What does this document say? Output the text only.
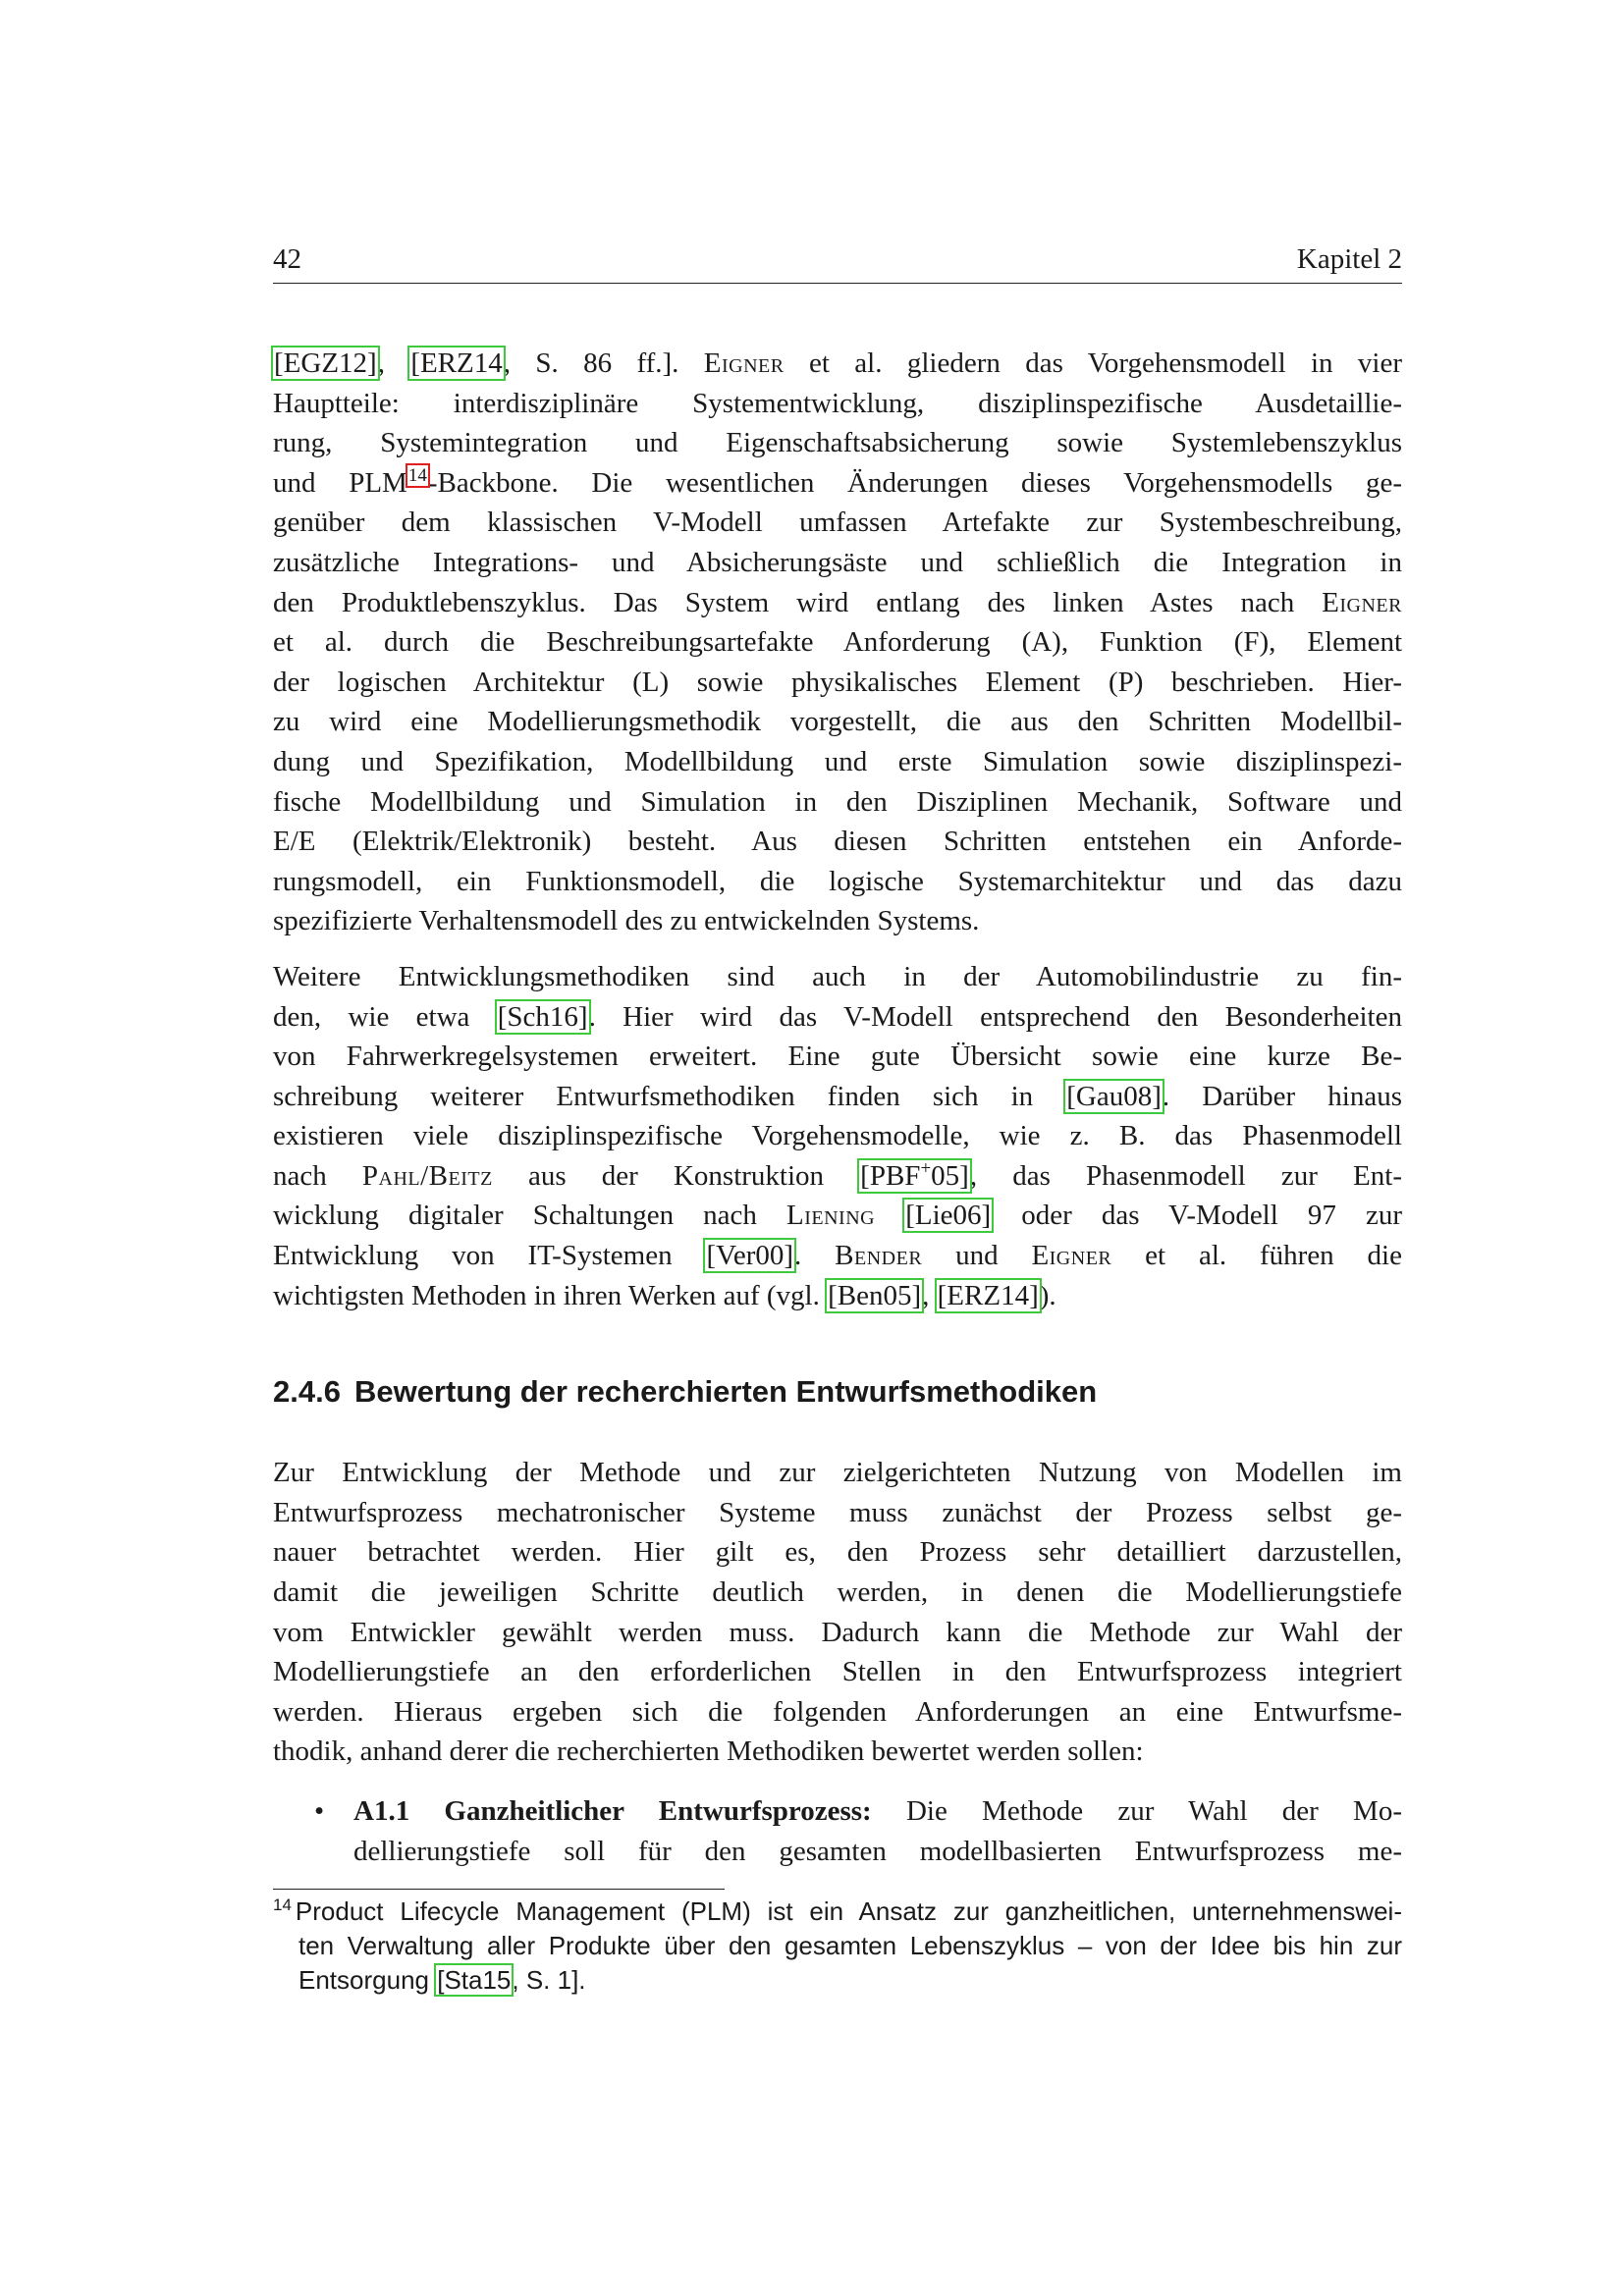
42	Kapitel 2
[EGZ12], [ERZ14, S. 86 ff.]. Eigner et al. gliedern das Vorgehensmodell in vier
Hauptteile: interdisziplinäre Systementwicklung, disziplinspezifische Ausdetaillie-
rung, Systemintegration und Eigenschaftsabsicherung sowie Systemlebenszyklus
und PLM$^{14}$-Backbone. Die wesentlichen Änderungen dieses Vorgehensmodells ge-
genüber dem klassischen V-Modell umfassen Artefakte zur Systembeschreibung,
zusätzliche Integrations- und Absicherungsäste und schließlich die Integration in
den Produktlebenszyklus. Das System wird entlang des linken Astes nach Eigner
et al. durch die Beschreibungsartefakte Anforderung (A), Funktion (F), Element
der logischen Architektur (L) sowie physikalisches Element (P) beschrieben. Hier-
zu wird eine Modellierungsmethodik vorgestellt, die aus den Schritten Modellbil-
dung und Spezifikation, Modellbildung und erste Simulation sowie disziplinspezi-
fische Modellbildung und Simulation in den Disziplinen Mechanik, Software und
E/E (Elektrik/Elektronik) besteht. Aus diesen Schritten entstehen ein Anforde-
rungsmodell, ein Funktionsmodell, die logische Systemarchitektur und das dazu
spezifizierte Verhaltensmodell des zu entwickelnden Systems.
Weitere Entwicklungsmethodiken sind auch in der Automobilindustrie zu fin-
den, wie etwa [Sch16]. Hier wird das V-Modell entsprechend den Besonderheiten
von Fahrwerkregelsystemen erweitert. Eine gute Übersicht sowie eine kurze Be-
schreibung weiterer Entwurfsmethodiken finden sich in [Gau08]. Darüber hinaus
existieren viele disziplinspezifische Vorgehensmodelle, wie z. B. das Phasenmodell
nach Pahl/Beitz aus der Konstruktion [PBF+05], das Phasenmodell zur Ent-
wicklung digitaler Schaltungen nach Liening [Lie06] oder das V-Modell 97 zur
Entwicklung von IT-Systemen [Ver00]. Bender und Eigner et al. führen die
wichtigsten Methoden in ihren Werken auf (vgl. [Ben05], [ERZ14]).
2.4.6 Bewertung der recherchierten Entwurfsmethodiken
Zur Entwicklung der Methode und zur zielgerichteten Nutzung von Modellen im
Entwurfsprozess mechatronischer Systeme muss zunächst der Prozess selbst ge-
nauer betrachtet werden. Hier gilt es, den Prozess sehr detailliert darzustellen,
damit die jeweiligen Schritte deutlich werden, in denen die Modellierungstiefe
vom Entwickler gewählt werden muss. Dadurch kann die Methode zur Wahl der
Modellierungstiefe an den erforderlichen Stellen in den Entwurfsprozess integriert
werden. Hieraus ergeben sich die folgenden Anforderungen an eine Entwurfsme-
thodik, anhand derer die recherchierten Methodiken bewertet werden sollen:
• A1.1 Ganzheitlicher Entwurfsprozess: Die Methode zur Wahl der Mo-
dellierungstiefe soll für den gesamten modellbasierten Entwurfsprozess me-
$^{14}$ Product Lifecycle Management (PLM) ist ein Ansatz zur ganzheitlichen, unternehmenswei-
ten Verwaltung aller Produkte über den gesamten Lebenszyklus – von der Idee bis hin zur
Entsorgung [Sta15, S. 1].
